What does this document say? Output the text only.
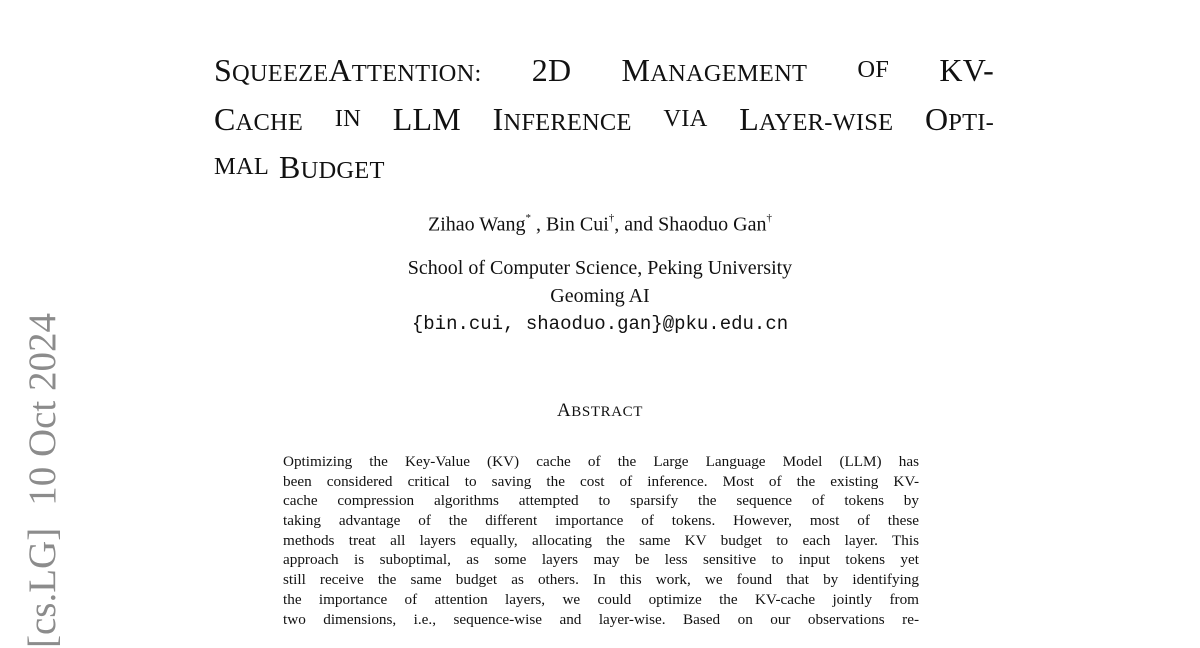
[cs.LG]10 Oct 2024
SQUEEZEATTENTION: 2D MANAGEMENT OF KV-
CACHE IN LLM INFERENCE VIA LAYER-WISE OPTI-
MAL BUDGET
Zihao Wang* , Bin Cui†, and Shaoduo Gan†
School of Computer Science, Peking University
Geoming AI
{bin.cui, shaoduo.gan}@pku.edu.cn
ABSTRACT
Optimizing the Key-Value (KV) cache of the Large Language Model (LLM) has
been considered critical to saving the cost of inference. Most of the existing KV-
cache compression algorithms attempted to sparsify the sequence of tokens by
taking advantage of the different importance of tokens. However, most of these
methods treat all layers equally, allocating the same KV budget to each layer. This
approach is suboptimal, as some layers may be less sensitive to input tokens yet
still receive the same budget as others. In this work, we found that by identifying
the importance of attention layers, we could optimize the KV-cache jointly from
two dimensions, i.e., sequence-wise and layer-wise. Based on our observations re-
